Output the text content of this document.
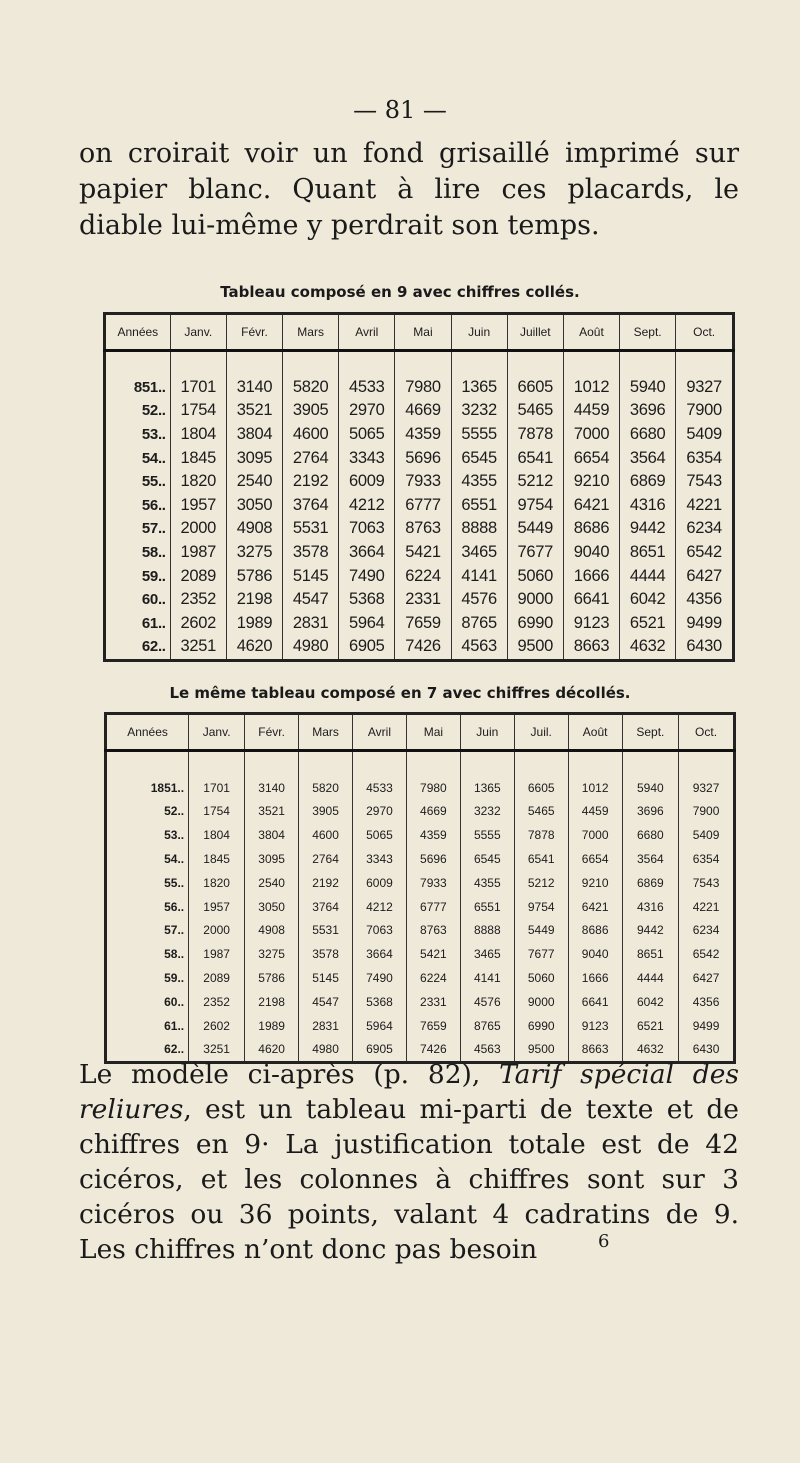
— 81 —
on croirait voir un fond grisaillé imprimé sur papier blanc. Quant à lire ces placards, le diable lui-même y perdrait son temps.
Tableau composé en 9 avec chiffres collés.
Années	Janv.	Févr.	Mars	Avril	Mai	Juin	Juillet	Août	Sept.	Oct.

851..	1701	3140	5820	4533	7980	1365	6605	1012	5940	9327
52..	1754	3521	3905	2970	4669	3232	5465	4459	3696	7900
53..	1804	3804	4600	5065	4359	5555	7878	7000	6680	5409
54..	1845	3095	2764	3343	5696	6545	6541	6654	3564	6354
55..	1820	2540	2192	6009	7933	4355	5212	9210	6869	7543
56..	1957	3050	3764	4212	6777	6551	9754	6421	4316	4221
57..	2000	4908	5531	7063	8763	8888	5449	8686	9442	6234
58..	1987	3275	3578	3664	5421	3465	7677	9040	8651	6542
59..	2089	5786	5145	7490	6224	4141	5060	1666	4444	6427
60..	2352	2198	4547	5368	2331	4576	9000	6641	6042	4356
61..	2602	1989	2831	5964	7659	8765	6990	9123	6521	9499
62..	3251	4620	4980	6905	7426	4563	9500	8663	4632	6430
Le même tableau composé en 7 avec chiffres décollés.
Années	Janv.	Févr.	Mars	Avril	Mai	Juin	Juil.	Août	Sept.	Oct.

1851..	1701	3140	5820	4533	7980	1365	6605	1012	5940	9327
52..	1754	3521	3905	2970	4669	3232	5465	4459	3696	7900
53..	1804	3804	4600	5065	4359	5555	7878	7000	6680	5409
54..	1845	3095	2764	3343	5696	6545	6541	6654	3564	6354
55..	1820	2540	2192	6009	7933	4355	5212	9210	6869	7543
56..	1957	3050	3764	4212	6777	6551	9754	6421	4316	4221
57..	2000	4908	5531	7063	8763	8888	5449	8686	9442	6234
58..	1987	3275	3578	3664	5421	3465	7677	9040	8651	6542
59..	2089	5786	5145	7490	6224	4141	5060	1666	4444	6427
60..	2352	2198	4547	5368	2331	4576	9000	6641	6042	4356
61..	2602	1989	2831	5964	7659	8765	6990	9123	6521	9499
62..	3251	4620	4980	6905	7426	4563	9500	8663	4632	6430
Le modèle ci-après (p. 82), Tarif spécial des reliures, est un tableau mi-parti de texte et de chiffres en 9· La justification totale est de 42 cicéros, et les colonnes à chiffres sont sur 3 cicéros ou 36 points, valant 4 cadratins de 9. Les chiffres n’ont donc pas besoin	6
